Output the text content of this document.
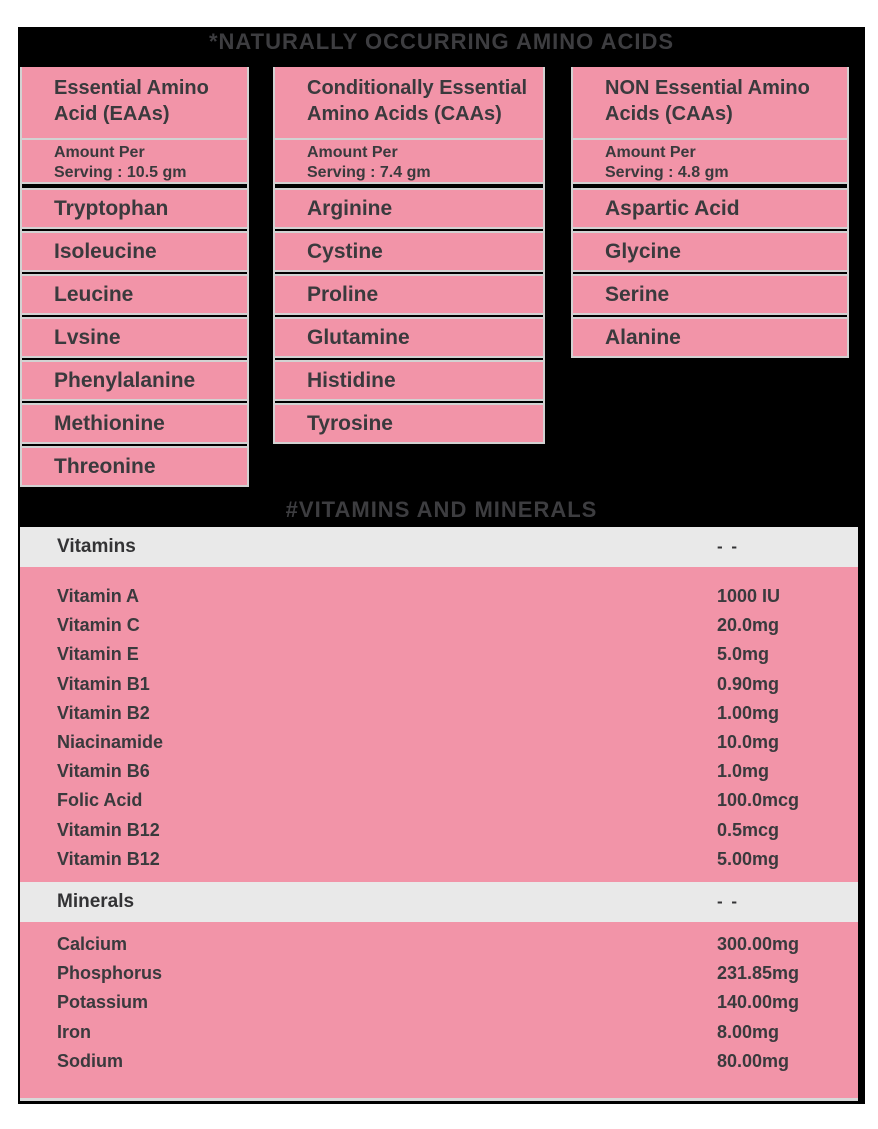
*NATURALLY OCCURRING AMINO ACIDS
Essential Amino
Acid (EAAs)
Amount Per
Serving : 10.5 gm
Tryptophan
Isoleucine
Leucine
Lvsine
Phenylalanine
Methionine
Threonine
Conditionally Essential
Amino Acids (CAAs)
Amount Per
Serving : 7.4 gm
Arginine
Cystine
Proline
Glutamine
Histidine
Tyrosine
NON Essential Amino
Acids (CAAs)
Amount Per
Serving : 4.8 gm
Aspartic Acid
Glycine
Serine
Alanine
#VITAMINS AND MINERALS
Vitamins	- -
Vitamin A	1000 IU
Vitamin C	20.0mg
Vitamin E	5.0mg
Vitamin B1	0.90mg
Vitamin B2	1.00mg
Niacinamide	10.0mg
Vitamin B6	1.0mg
Folic Acid	100.0mcg
Vitamin B12	0.5mcg
Vitamin B12	5.00mg
Minerals	- -
Calcium	300.00mg
Phosphorus	231.85mg
Potassium	140.00mg
Iron	8.00mg
Sodium	80.00mg
